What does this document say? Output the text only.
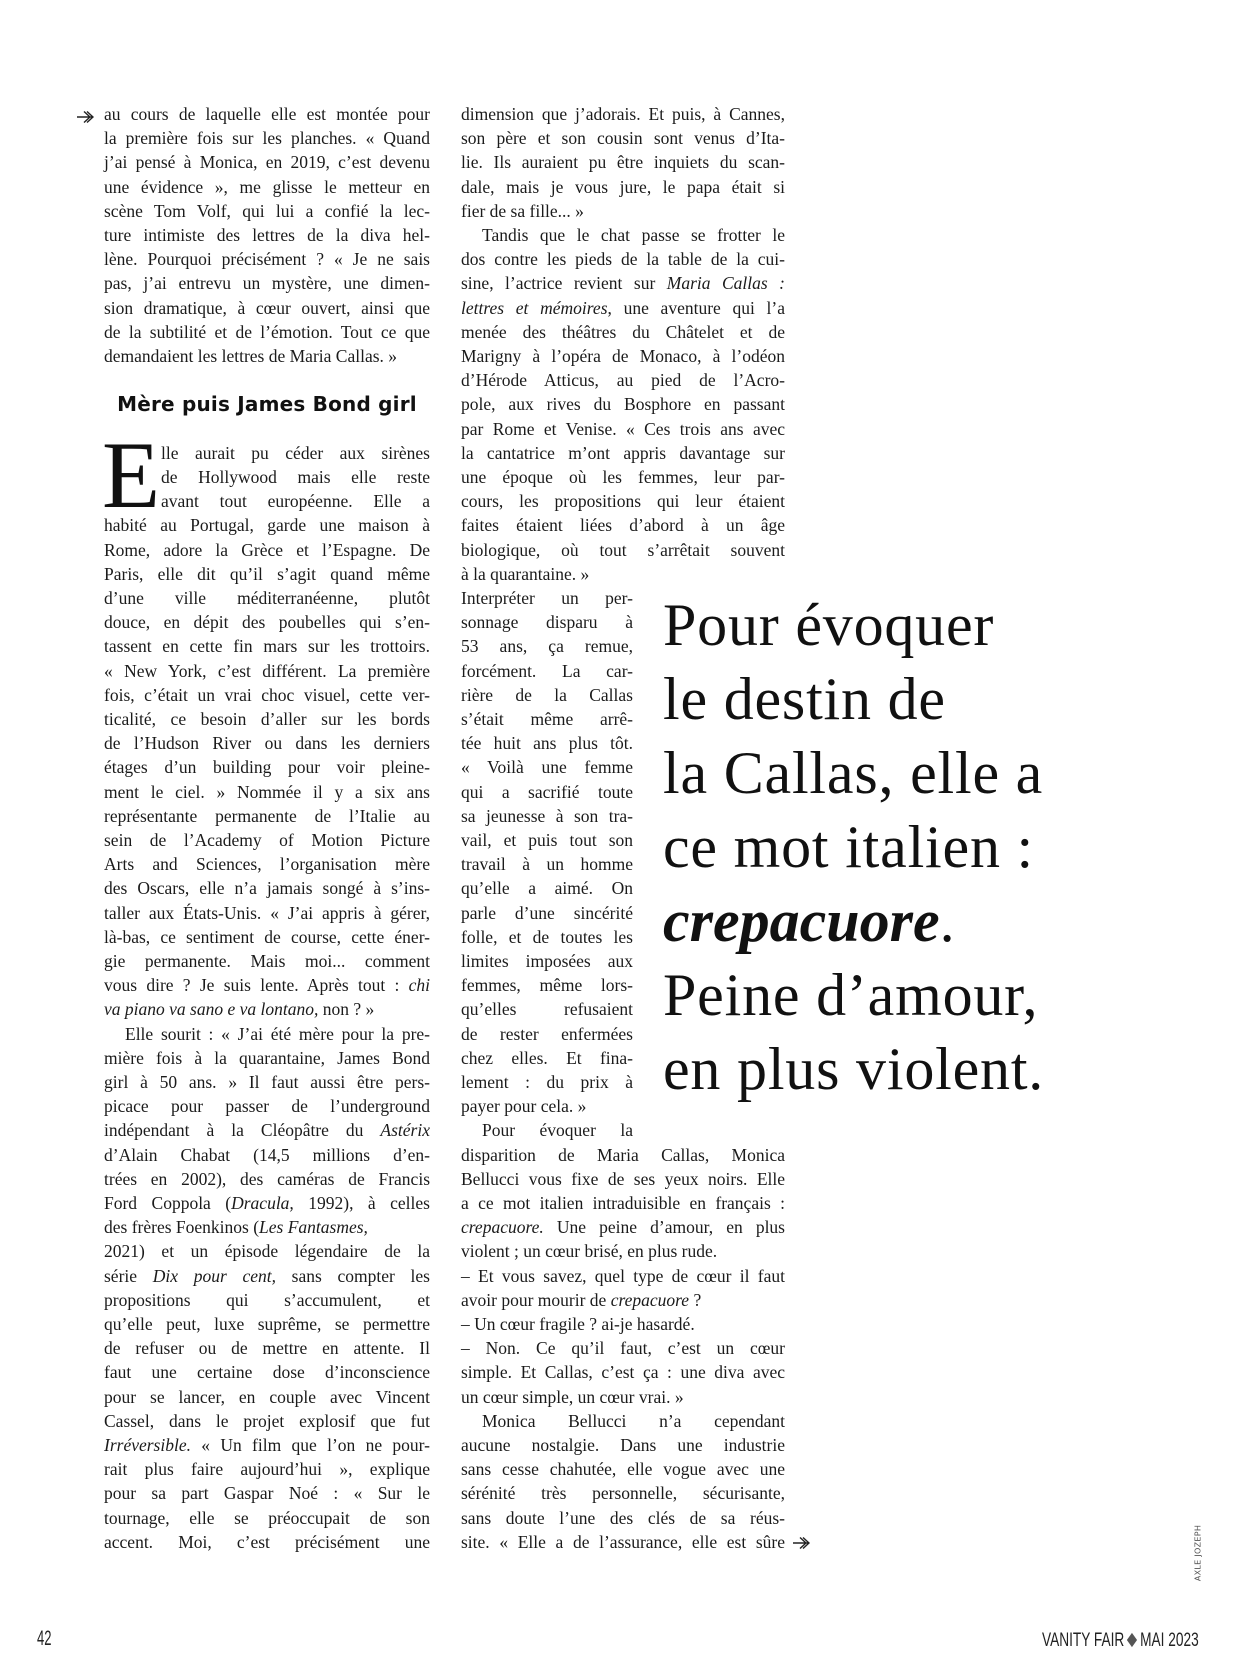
au cours de laquelle elle est montée pour
la première fois sur les planches. « Quand
j’ai pensé à Monica, en 2019, c’est devenu
une évidence », me glisse le metteur en
scène Tom Volf, qui lui a confié la lec-
ture intimiste des lettres de la diva hel-
lène. Pourquoi précisément ? « Je ne sais
pas, j’ai entrevu un mystère, une dimen-
sion dramatique, à cœur ouvert, ainsi que
de la subtilité et de l’émotion. Tout ce que
demandaient les lettres de Maria Callas. »
lle aurait pu céder aux sirènes
de Hollywood mais elle reste
avant tout européenne. Elle a
habité au Portugal, garde une maison à
Rome, adore la Grèce et l’Espagne. De
Paris, elle dit qu’il s’agit quand même
d’une ville méditerranéenne, plutôt
douce, en dépit des poubelles qui s’en-
tassent en cette fin mars sur les trottoirs.
« New York, c’est différent. La première
fois, c’était un vrai choc visuel, cette ver-
ticalité, ce besoin d’aller sur les bords
de l’Hudson River ou dans les derniers
étages d’un building pour voir pleine-
ment le ciel. » Nommée il y a six ans
représentante permanente de l’Italie au
sein de l’Academy of Motion Picture
Arts and Sciences, l’organisation mère
des Oscars, elle n’a jamais songé à s’ins-
taller aux États-Unis. « J’ai appris à gérer,
là-bas, ce sentiment de course, cette éner-
gie permanente. Mais moi... comment
vous dire ? Je suis lente. Après tout : chi
va piano va sano e va lontano, non ? »
Elle sourit : « J’ai été mère pour la pre-
mière fois à la quarantaine, James Bond
girl à 50 ans. » Il faut aussi être pers-
picace pour passer de l’underground
indépendant à la Cléopâtre du Astérix
d’Alain Chabat (14,5 millions d’en-
trées en 2002), des caméras de Francis
Ford Coppola (Dracula, 1992), à celles
des frères Foenkinos (Les Fantasmes,
2021) et un épisode légendaire de la
série Dix pour cent, sans compter les
propositions qui s’accumulent, et
qu’elle peut, luxe suprême, se permettre
de refuser ou de mettre en attente. Il
faut une certaine dose d’inconscience
pour se lancer, en couple avec Vincent
Cassel, dans le projet explosif que fut
Irréversible. « Un film que l’on ne pour-
rait plus faire aujourd’hui », explique
pour sa part Gaspar Noé : « Sur le
tournage, elle se préoccupait de son
accent. Moi, c’est précisément une
dimension que j’adorais. Et puis, à Cannes,
son père et son cousin sont venus d’Ita-
lie. Ils auraient pu être inquiets du scan-
dale, mais je vous jure, le papa était si
fier de sa fille... »
Tandis que le chat passe se frotter le
dos contre les pieds de la table de la cui-
sine, l’actrice revient sur Maria Callas :
lettres et mémoires, une aventure qui l’a
menée des théâtres du Châtelet et de
Marigny à l’opéra de Monaco, à l’odéon
d’Hérode Atticus, au pied de l’Acro-
pole, aux rives du Bosphore en passant
par Rome et Venise. « Ces trois ans avec
la cantatrice m’ont appris davantage sur
une époque où les femmes, leur par-
cours, les propositions qui leur étaient
faites étaient liées d’abord à un âge
biologique, où tout s’arrêtait souvent
à la quarantaine. »
Interpréter un per-
sonnage disparu à
53 ans, ça remue,
forcément. La car-
rière de la Callas
s’était même arrê-
tée huit ans plus tôt.
« Voilà une femme
qui a sacrifié toute
sa jeunesse à son tra-
vail, et puis tout son
travail à un homme
qu’elle a aimé. On
parle d’une sincérité
folle, et de toutes les
limites imposées aux
femmes, même lors-
qu’elles refusaient
de rester enfermées
chez elles. Et fina-
lement : du prix à
payer pour cela. »
Pour évoquer la
disparition de Maria Callas, Monica
Bellucci vous fixe de ses yeux noirs. Elle
a ce mot italien intraduisible en français :
crepacuore. Une peine d’amour, en plus
violent ; un cœur brisé, en plus rude.
– Et vous savez, quel type de cœur il faut
avoir pour mourir de crepacuore ?
– Un cœur fragile ? ai-je hasardé.
– Non. Ce qu’il faut, c’est un cœur
simple. Et Callas, c’est ça : une diva avec
un cœur simple, un cœur vrai. »
Monica Bellucci n’a cependant
aucune nostalgie. Dans une industrie
sans cesse chahutée, elle vogue avec une
sérénité très personnelle, sécurisante,
sans doute l’une des clés de sa réus-
site. « Elle a de l’assurance, elle est sûre
Mère puis James Bond girl
E
Pour évoquer
le destin de
la Callas, elle a
ce mot italien :
crepacuore.
Peine d’amour,
en plus violent.
AXLE JOZEPH
42	VANITY FAIR MAI 2023
